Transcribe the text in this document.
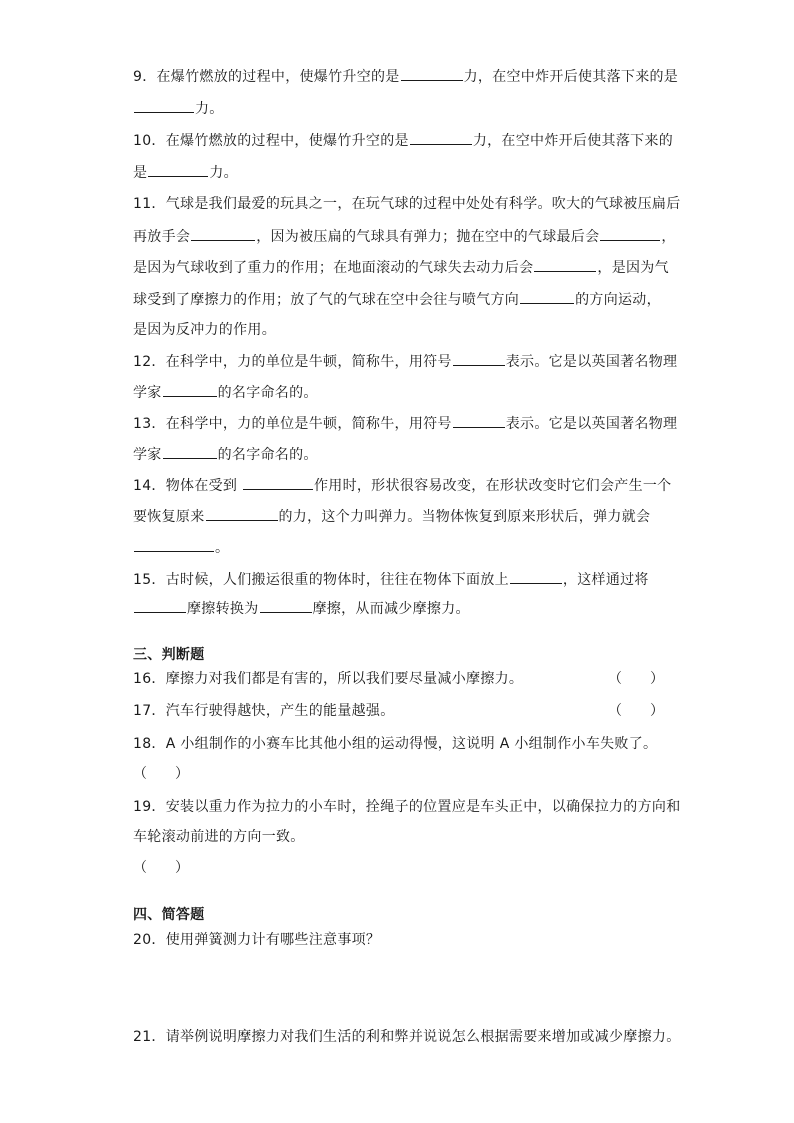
9．在爆竹燃放的过程中，使爆竹升空的是	力，在空中炸开后使其落下来的是
力。
10．在爆竹燃放的过程中，使爆竹升空的是	力，在空中炸开后使其落下来的
是	力。
11．气球是我们最爱的玩具之一，在玩气球的过程中处处有科学。吹大的气球被压扁后
再放手会	，因为被压扁的气球具有弹力；抛在空中的气球最后会	，
是因为气球收到了重力的作用；在地面滚动的气球失去动力后会	，是因为气
球受到了摩擦力的作用；放了气的气球在空中会往与喷气方向	的方向运动，
是因为反冲力的作用。
12．在科学中，力的单位是牛顿，简称牛，用符号	表示。它是以英国著名物理
学家	的名字命名的。
13．在科学中，力的单位是牛顿，简称牛，用符号	表示。它是以英国著名物理
学家	的名字命名的。
14．物体在受到	作用时，形状很容易改变，在形状改变时它们会产生一个
要恢复原来	的力，这个力叫弹力。当物体恢复到原来形状后，弹力就会
。
15．古时候，人们搬运很重的物体时，往往在物体下面放上	，这样通过将
摩擦转换为	摩擦，从而减少摩擦力。
三、判断题
16．摩擦力对我们都是有害的，所以我们要尽量减小摩擦力。	（　　）
17．汽车行驶得越快，产生的能量越强。	（　　）
18．A 小组制作的小赛车比其他小组的运动得慢，这说明 A 小组制作小车失败了。
（　　）
19．安装以重力作为拉力的小车时，拴绳子的位置应是车头正中，以确保拉力的方向和
车轮滚动前进的方向一致。
（　　）
四、简答题
20．使用弹簧测力计有哪些注意事项？
21．请举例说明摩擦力对我们生活的利和弊并说说怎么根据需要来增加或减少摩擦力。
